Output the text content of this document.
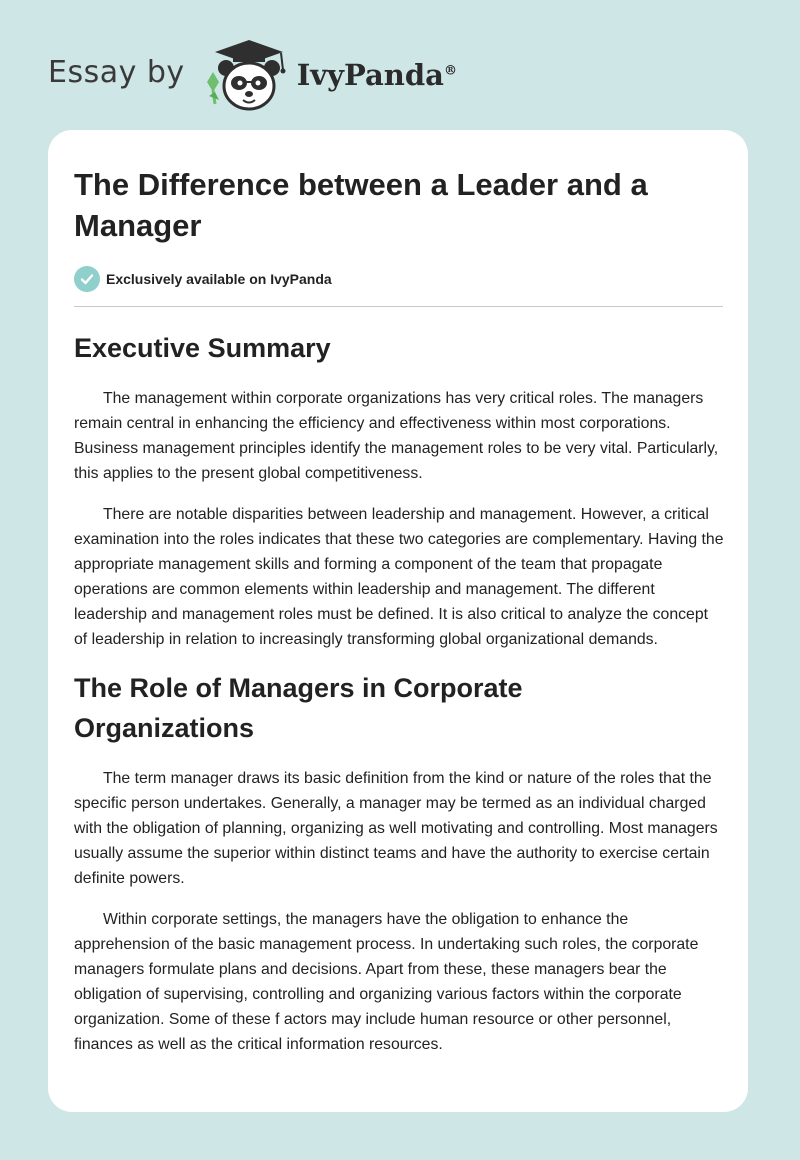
Essay by	IvyPanda®
The Difference between a Leader and a Manager
Exclusively available on IvyPanda
Executive Summary

The management within corporate organizations has very critical roles. The managers remain central in enhancing the efficiency and effectiveness within most corporations. Business management principles identify the management roles to be very vital. Particularly, this applies to the present global competitiveness.

There are notable disparities between leadership and management. However, a critical examination into the roles indicates that these two categories are complementary. Having the appropriate management skills and forming a component of the team that propagate operations are common elements within leadership and management. The different leadership and management roles must be defined. It is also critical to analyze the concept of leadership in relation to increasingly transforming global organizational demands.

The Role of Managers in Corporate Organizations

The term manager draws its basic definition from the kind or nature of the roles that the specific person undertakes. Generally, a manager may be termed as an individual charged with the obligation of planning, organizing as well motivating and controlling. Most managers usually assume the superior within distinct teams and have the authority to exercise certain definite powers.

Within corporate settings, the managers have the obligation to enhance the apprehension of the basic management process. In undertaking such roles, the corporate managers formulate plans and decisions. Apart from these, these managers bear the obligation of supervising, controlling and organizing various factors within the corporate organization. Some of these f actors may include human resource or other personnel, finances as well as the critical information resources.
